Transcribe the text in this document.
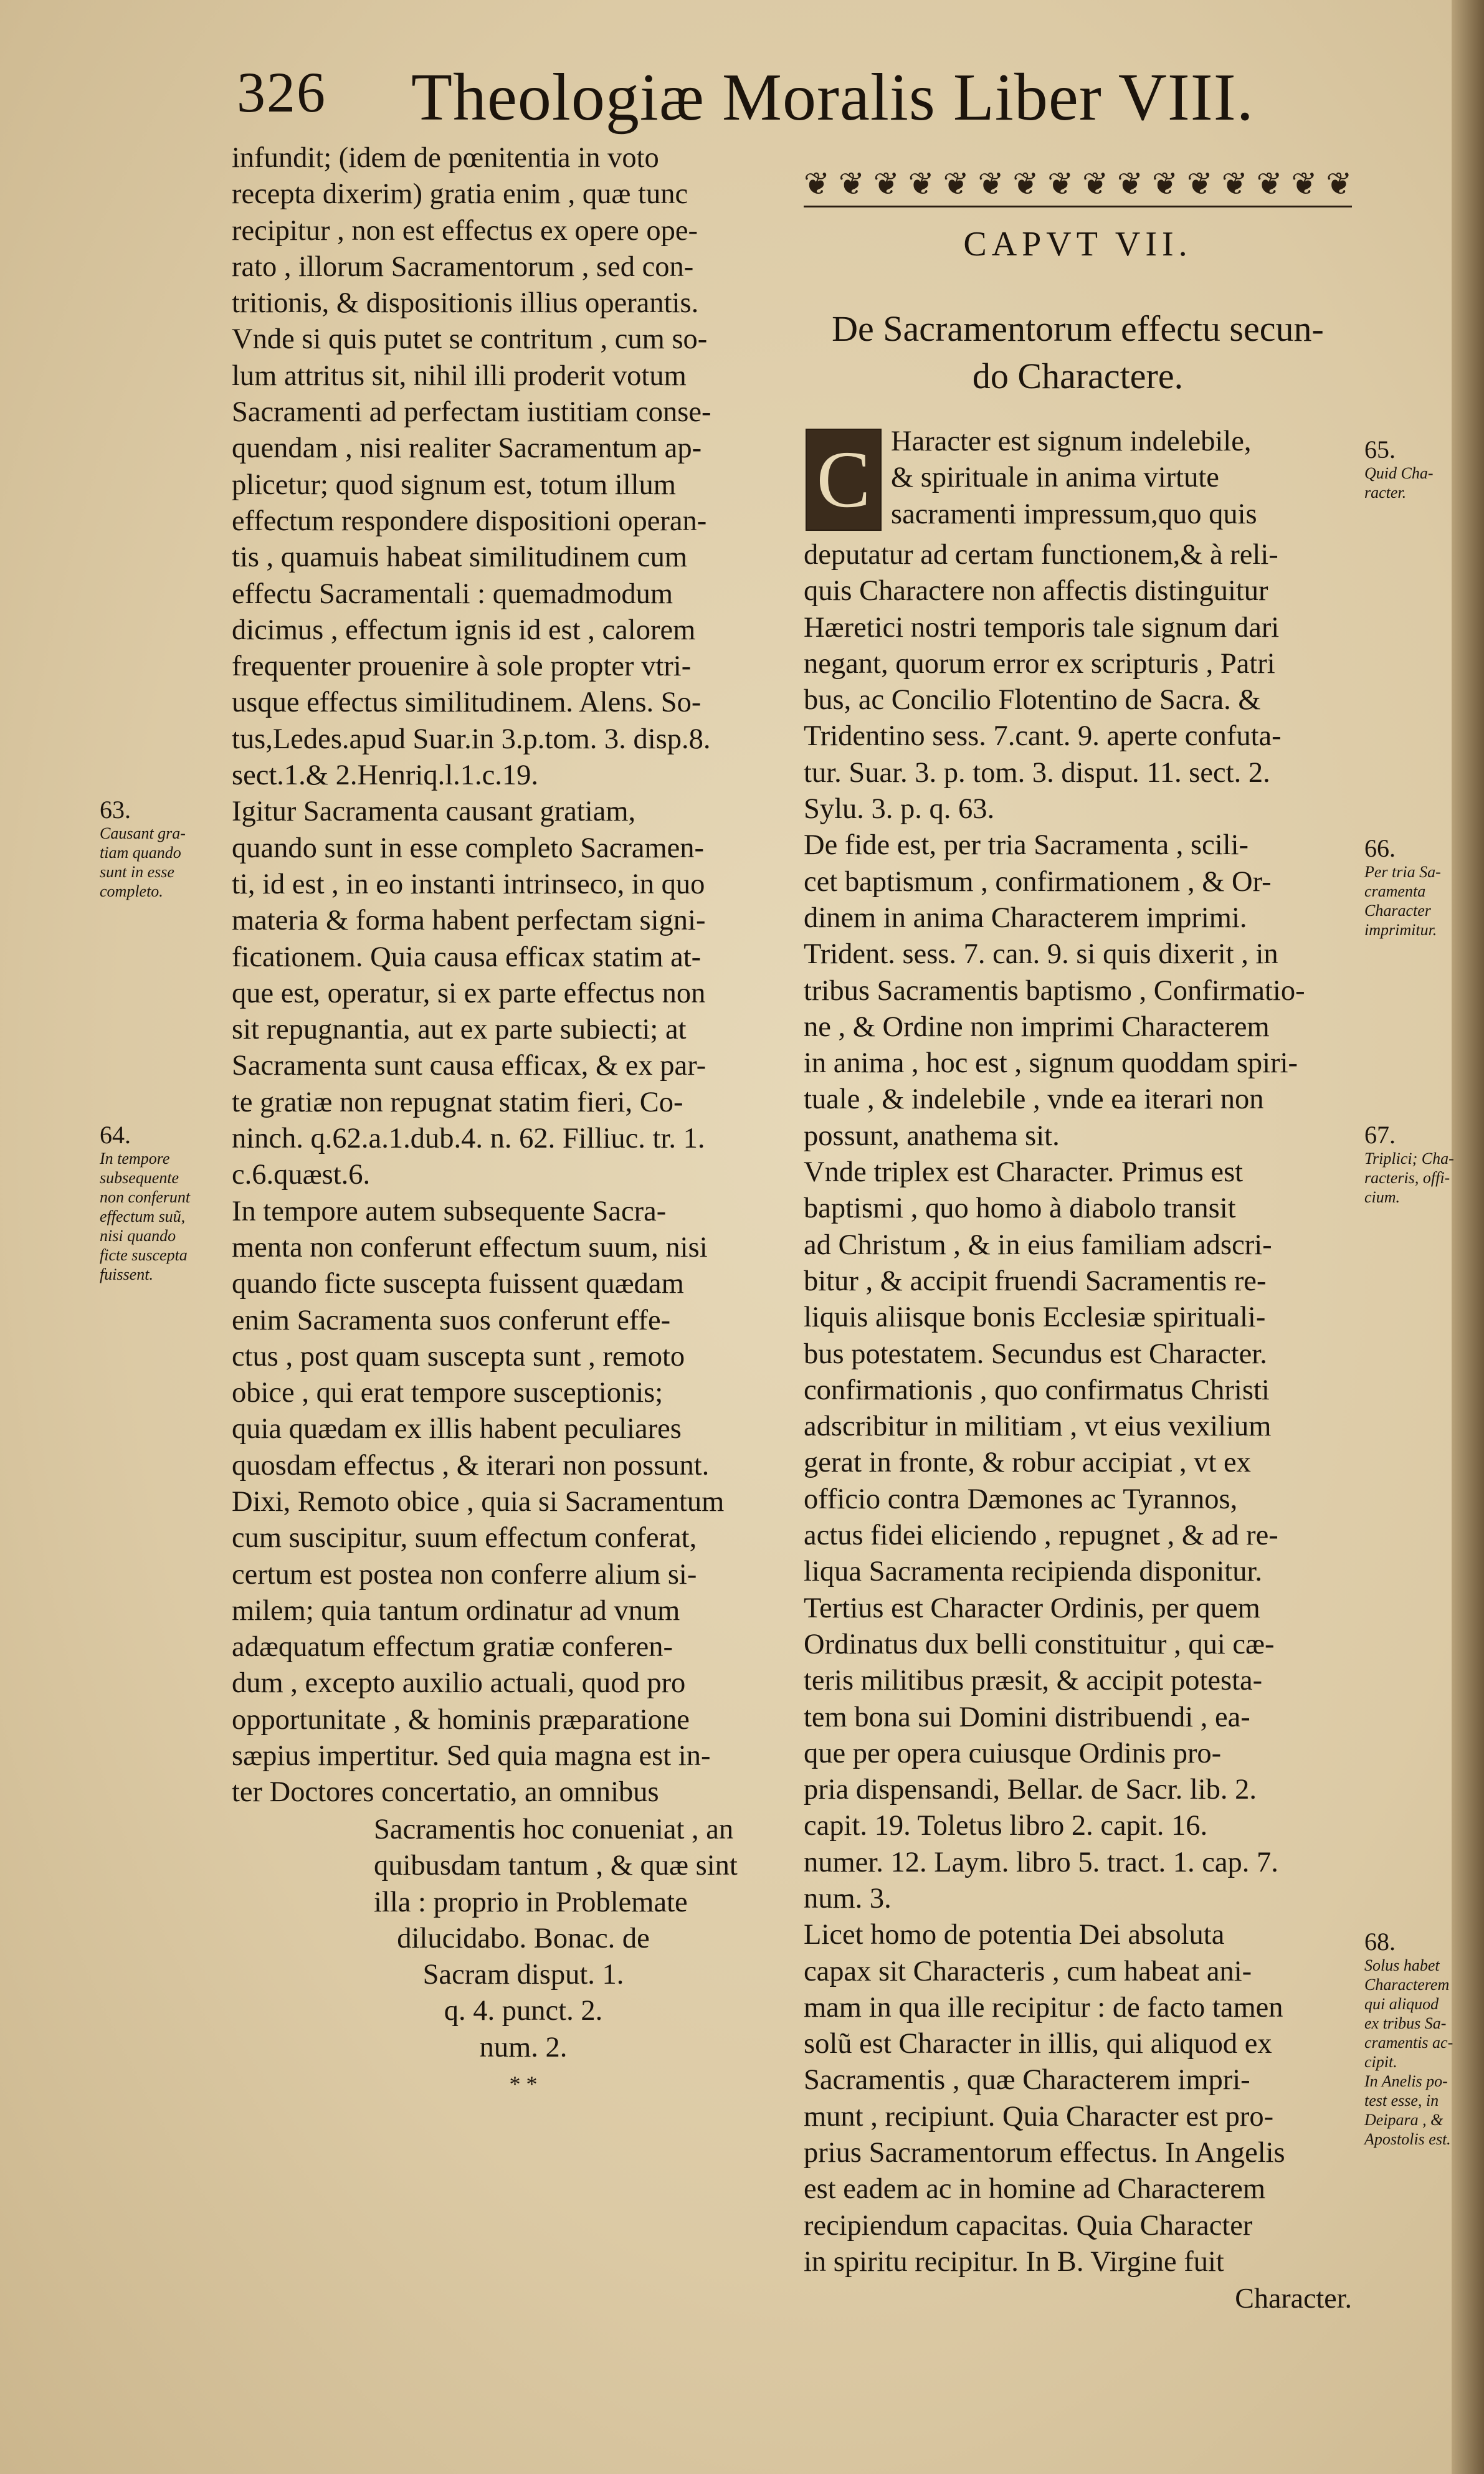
326 Theologiæ Moralis Liber VIII.
infundit; (idem de pœnitentia in voto
recepta dixerim) gratia enim , quæ tunc
recipitur , non est effectus ex opere ope-
rato , illorum Sacramentorum , sed con-
tritionis, & dispositionis illius operantis.
Vnde si quis putet se contritum , cum so-
lum attritus sit, nihil illi proderit votum
Sacramenti ad perfectam iustitiam conse-
quendam , nisi realiter Sacramentum ap-
plicetur; quod signum est, totum illum
effectum respondere dispositioni operan-
tis , quamuis habeat similitudinem cum
effectu Sacramentali : quemadmodum
dicimus , effectum ignis id est , calorem
frequenter prouenire à sole propter vtri-
usque effectus similitudinem. Alens. So-
tus,Ledes.apud Suar.in 3.p.tom. 3. disp.8.
sect.1.& 2.Henriq.l.1.c.19.
Igitur Sacramenta causant gratiam,
quando sunt in esse completo Sacramen-
ti, id est , in eo instanti intrinseco, in quo
materia & forma habent perfectam signi-
ficationem. Quia causa efficax statim at-
que est, operatur, si ex parte effectus non
sit repugnantia, aut ex parte subiecti; at
Sacramenta sunt causa efficax, & ex par-
te gratiæ non repugnat statim fieri, Co-
ninch. q.62.a.1.dub.4. n. 62. Filliuc. tr. 1.
c.6.quæst.6.
In tempore autem subsequente Sacra-
menta non conferunt effectum suum, nisi
quando ficte suscepta fuissent quædam
enim Sacramenta suos conferunt effe-
ctus , post quam suscepta sunt , remoto
obice , qui erat tempore susceptionis;
quia quædam ex illis habent peculiares
quosdam effectus , & iterari non possunt.
Dixi, Remoto obice , quia si Sacramentum
cum suscipitur, suum effectum conferat,
certum est postea non conferre alium si-
milem; quia tantum ordinatur ad vnum
adæquatum effectum gratiæ conferen-
dum , excepto auxilio actuali, quod pro
opportunitate , & hominis præparatione
sæpius impertitur. Sed quia magna est in-
ter Doctores concertatio, an omnibus
Sacramentis hoc conueniat , an
quibusdam tantum , & quæ sint
illa : proprio in Problemate
dilucidabo. Bonac. de
Sacram disput. 1.
q. 4. punct. 2.
num. 2.
* *
63.
Causant gra-
tiam quando
sunt in esse
completo.
64.
In tempore
subsequente
non conferunt
effectum suũ,
nisi quando
ficte suscepta
fuissent.
❦❦❦❦❦❦❦❦❦❦❦❦❦❦❦❦
CAPVT VII.
De Sacramentorum effectu secun-
do Charactere.
C Haracter est signum indelebile,
& spirituale in anima virtute
sacramenti impressum,quo quis
deputatur ad certam functionem,& à reli-
quis Charactere non affectis distinguitur
Hæretici nostri temporis tale signum dari
negant, quorum error ex scripturis , Patri
bus, ac Concilio Flotentino de Sacra. &
Tridentino sess. 7.cant. 9. aperte confuta-
tur. Suar. 3. p. tom. 3. disput. 11. sect. 2.
Sylu. 3. p. q. 63.
De fide est, per tria Sacramenta , scili-
cet baptismum , confirmationem , & Or-
dinem in anima Characterem imprimi.
Trident. sess. 7. can. 9. si quis dixerit , in
tribus Sacramentis baptismo , Confirmatio-
ne , & Ordine non imprimi Characterem
in anima , hoc est , signum quoddam spiri-
tuale , & indelebile , vnde ea iterari non
possunt, anathema sit.
Vnde triplex est Character. Primus est
baptismi , quo homo à diabolo transit
ad Christum , & in eius familiam adscri-
bitur , & accipit fruendi Sacramentis re-
liquis aliisque bonis Ecclesiæ spirituali-
bus potestatem. Secundus est Character.
confirmationis , quo confirmatus Christi
adscribitur in militiam , vt eius vexilium
gerat in fronte, & robur accipiat , vt ex
officio contra Dæmones ac Tyrannos,
actus fidei eliciendo , repugnet , & ad re-
liqua Sacramenta recipienda disponitur.
Tertius est Character Ordinis, per quem
Ordinatus dux belli constituitur , qui cæ-
teris militibus præsit, & accipit potesta-
tem bona sui Domini distribuendi , ea-
que per opera cuiusque Ordinis pro-
pria dispensandi, Bellar. de Sacr. lib. 2.
capit. 19. Toletus libro 2. capit. 16.
numer. 12. Laym. libro 5. tract. 1. cap. 7.
num. 3.
Licet homo de potentia Dei absoluta
capax sit Characteris , cum habeat ani-
mam in qua ille recipitur : de facto tamen
solũ est Character in illis, qui aliquod ex
Sacramentis , quæ Characterem impri-
munt , recipiunt. Quia Character est pro-
prius Sacramentorum effectus. In Angelis
est eadem ac in homine ad Characterem
recipiendum capacitas. Quia Character
in spiritu recipitur. In B. Virgine fuit
Character.
65.
Quid Cha-
racter.
66.
Per tria Sa-
cramenta
Character
imprimitur.
67.
Triplici; Cha-
racteris, offi-
cium.
68.
Solus habet
Characterem
qui aliquod
ex tribus Sa-
cramentis ac-
cipit.
In Anelis po-
test esse, in
Deipara , &
Apostolis est.
